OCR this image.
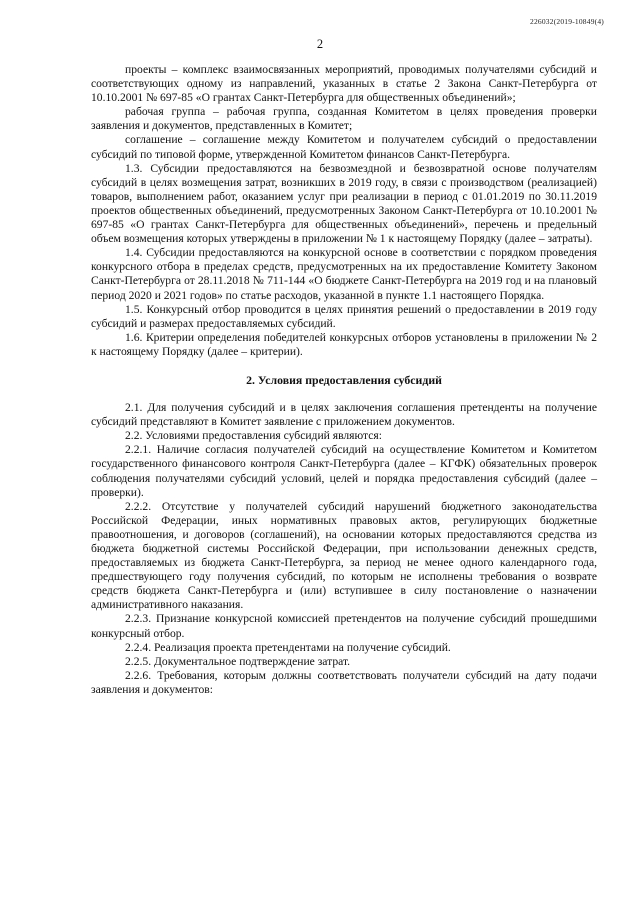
226032(2019-10849(4)
2

проекты – комплекс взаимосвязанных мероприятий, проводимых получателями субсидий и соответствующих одному из направлений, указанных в статье 2 Закона Санкт-Петербурга от 10.10.2001 № 697-85 «О грантах Санкт-Петербурга для общественных объединений»;

рабочая группа – рабочая группа, созданная Комитетом в целях проведения проверки заявления и документов, представленных в Комитет;

соглашение – соглашение между Комитетом и получателем субсидий о предоставлении субсидий по типовой форме, утвержденной Комитетом финансов Санкт-Петербурга.

1.3. Субсидии предоставляются на безвозмездной и безвозвратной основе получателям субсидий в целях возмещения затрат, возникших в 2019 году, в связи с производством (реализацией) товаров, выполнением работ, оказанием услуг при реализации в период с 01.01.2019 по 30.11.2019 проектов общественных объединений, предусмотренных Законом Санкт-Петербурга от 10.10.2001 № 697-85 «О грантах Санкт-Петербурга для общественных объединений», перечень и предельный объем возмещения которых утверждены в приложении № 1 к настоящему Порядку (далее – затраты).

1.4. Субсидии предоставляются на конкурсной основе в соответствии с порядком проведения конкурсного отбора в пределах средств, предусмотренных на их предоставление Комитету Законом Санкт-Петербурга от 28.11.2018 № 711-144 «О бюджете Санкт-Петербурга на 2019 год и на плановый период 2020 и 2021 годов» по статье расходов, указанной в пункте 1.1 настоящего Порядка.

1.5. Конкурсный отбор проводится в целях принятия решений о предоставлении в 2019 году субсидий и размерах предоставляемых субсидий.

1.6. Критерии определения победителей конкурсных отборов установлены в приложении № 2 к настоящему Порядку (далее – критерии).

2. Условия предоставления субсидий

2.1. Для получения субсидий и в целях заключения соглашения претенденты на получение субсидий представляют в Комитет заявление с приложением документов.

2.2. Условиями предоставления субсидий являются:

2.2.1. Наличие согласия получателей субсидий на осуществление Комитетом и Комитетом государственного финансового контроля Санкт-Петербурга (далее – КГФК) обязательных проверок соблюдения получателями субсидий условий, целей и порядка предоставления субсидий (далее – проверки).

2.2.2. Отсутствие у получателей субсидий нарушений бюджетного законодательства Российской Федерации, иных нормативных правовых актов, регулирующих бюджетные правоотношения, и договоров (соглашений), на основании которых предоставляются средства из бюджета бюджетной системы Российской Федерации, при использовании денежных средств, предоставляемых из бюджета Санкт-Петербурга, за период не менее одного календарного года, предшествующего году получения субсидий, по которым не исполнены требования о возврате средств бюджета Санкт-Петербурга и (или) вступившее в силу постановление о назначении административного наказания.

2.2.3. Признание конкурсной комиссией претендентов на получение субсидий прошедшими конкурсный отбор.

2.2.4. Реализация проекта претендентами на получение субсидий.

2.2.5. Документальное подтверждение затрат.

2.2.6. Требования, которым должны соответствовать получатели субсидий на дату подачи заявления и документов:
